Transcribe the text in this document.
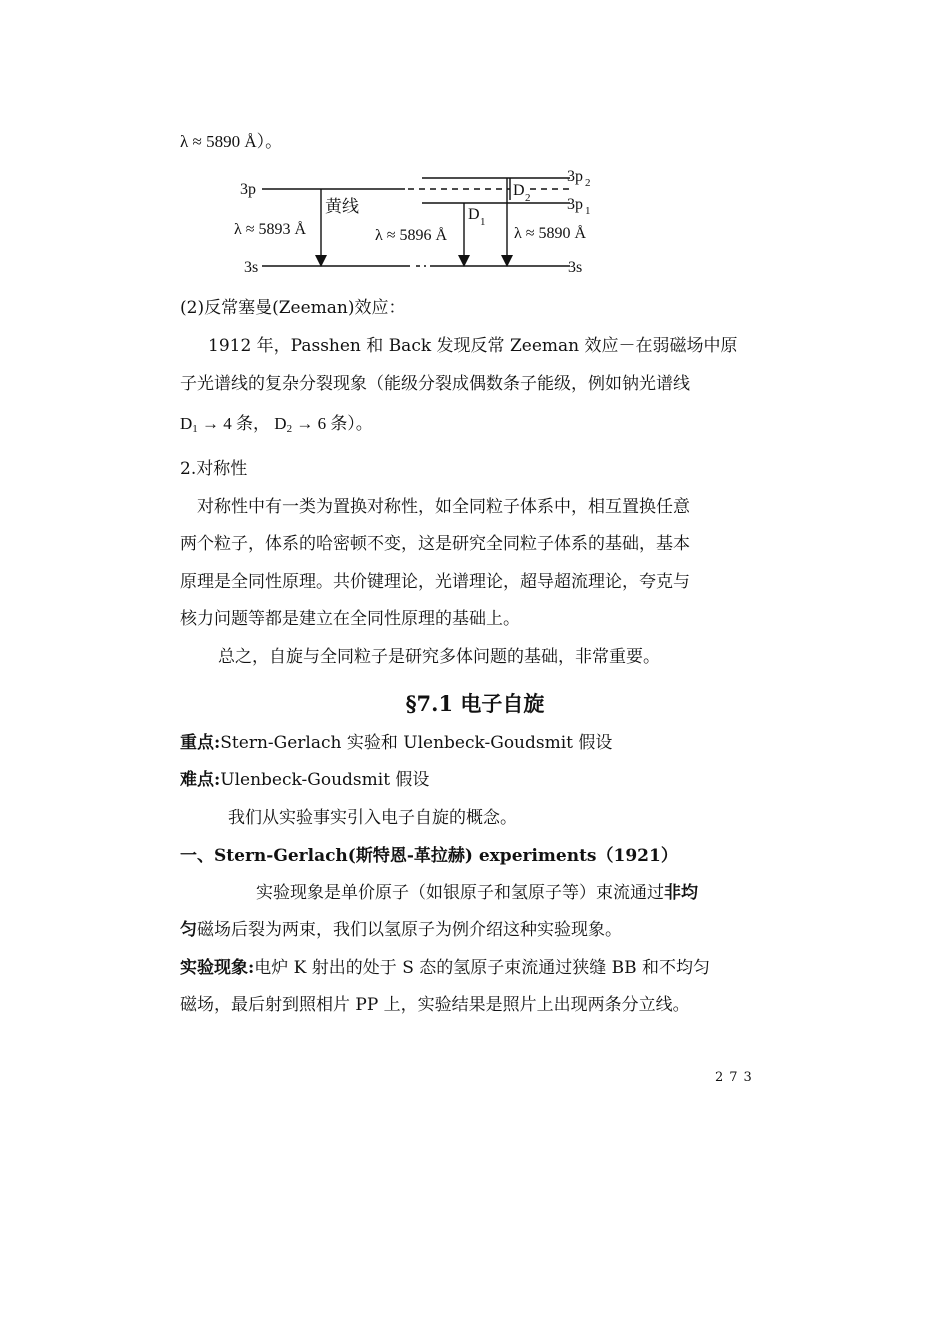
λ ≈ 5890 Å）。
3p
3s	3s
3p 2
3p 1
黄线
D 2
D 1
λ ≈ 5893 Å	λ ≈ 5896 Å	λ ≈ 5890 Å
(2)反常塞曼(Zeeman)效应：
1912 年，Passhen 和 Back 发现反常 Zeeman 效应－在弱磁场中原
子光谱线的复杂分裂现象（能级分裂成偶数条子能级，例如钠光谱线
$D_1 \to 4$ 条， $D_2 \to 6$ 条）。
2.对称性
对称性中有一类为置换对称性，如全同粒子体系中，相互置换任意
两个粒子，体系的哈密顿不变，这是研究全同粒子体系的基础，基本
原理是全同性原理。共价键理论，光谱理论，超导超流理论，夸克与
核力问题等都是建立在全同性原理的基础上。
总之，自旋与全同粒子是研究多体问题的基础，非常重要。
§7.1 电子自旋
重点:Stern-Gerlach 实验和 Ulenbeck-Goudsmit 假设
难点:Ulenbeck-Goudsmit 假设
我们从实验事实引入电子自旋的概念。
一、Stern-Gerlach(斯特恩-革拉赫) experiments（1921）
实验现象是单价原子（如银原子和氢原子等）束流通过非均
匀磁场后裂为两束，我们以氢原子为例介绍这种实验现象。
实验现象:电炉 K 射出的处于 S 态的氢原子束流通过狭缝 BB 和不均匀
磁场，最后射到照相片 PP 上，实验结果是照片上出现两条分立线。
273
